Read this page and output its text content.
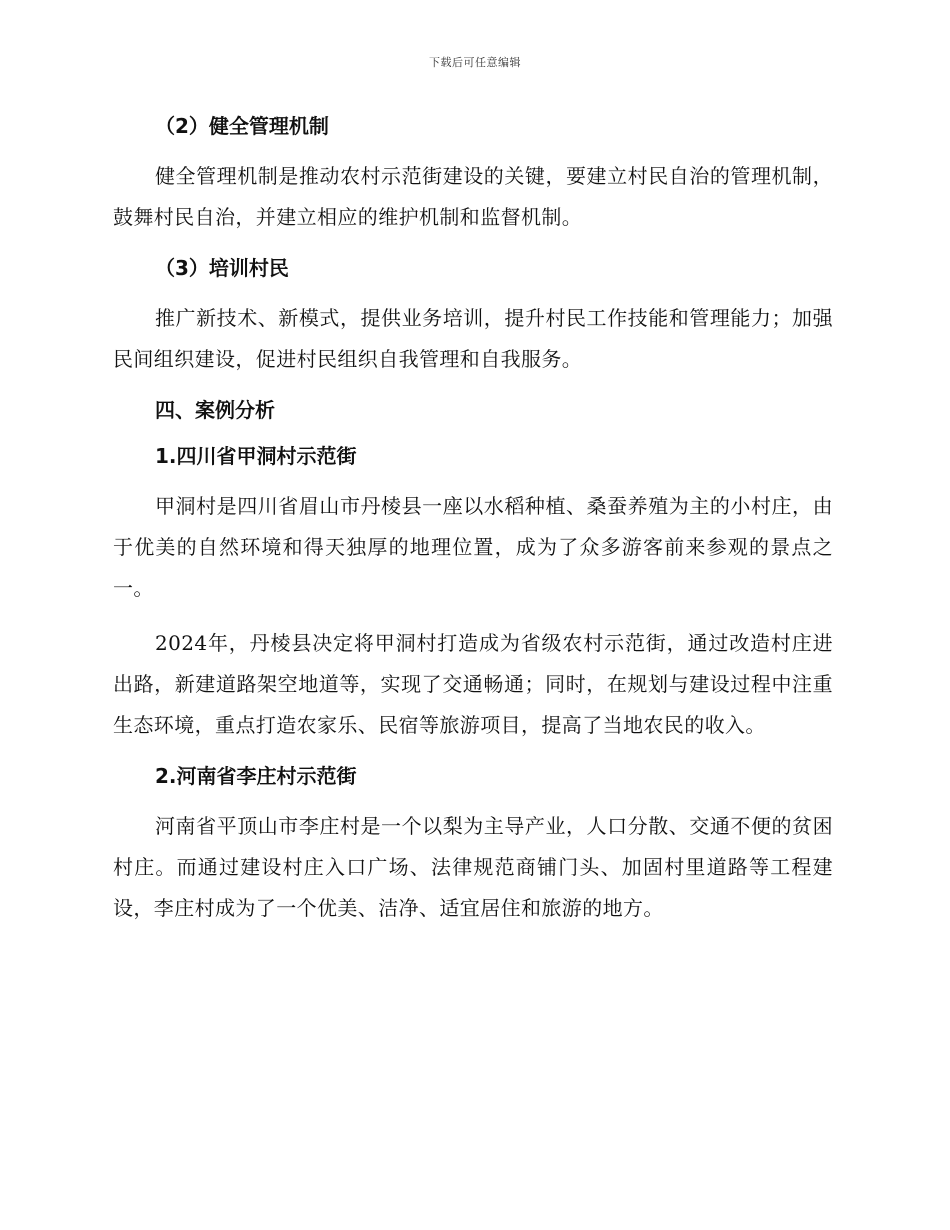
下载后可任意编辑
（2）健全管理机制

健全管理机制是推动农村示范街建设的关键，要建立村民自治的管理机制，鼓舞村民自治，并建立相应的维护机制和监督机制。

（3）培训村民

推广新技术、新模式，提供业务培训，提升村民工作技能和管理能力；加强民间组织建设，促进村民组织自我管理和自我服务。

四、案例分析
1.四川省甲洞村示范街

甲洞村是四川省眉山市丹棱县一座以水稻种植、桑蚕养殖为主的小村庄，由于优美的自然环境和得天独厚的地理位置，成为了众多游客前来参观的景点之一。

2024年，丹棱县决定将甲洞村打造成为省级农村示范街，通过改造村庄进出路，新建道路架空地道等，实现了交通畅通；同时，在规划与建设过程中注重生态环境，重点打造农家乐、民宿等旅游项目，提高了当地农民的收入。

2.河南省李庄村示范街

河南省平顶山市李庄村是一个以梨为主导产业，人口分散、交通不便的贫困村庄。而通过建设村庄入口广场、法律规范商铺门头、加固村里道路等工程建设，李庄村成为了一个优美、洁净、适宜居住和旅游的地方。
